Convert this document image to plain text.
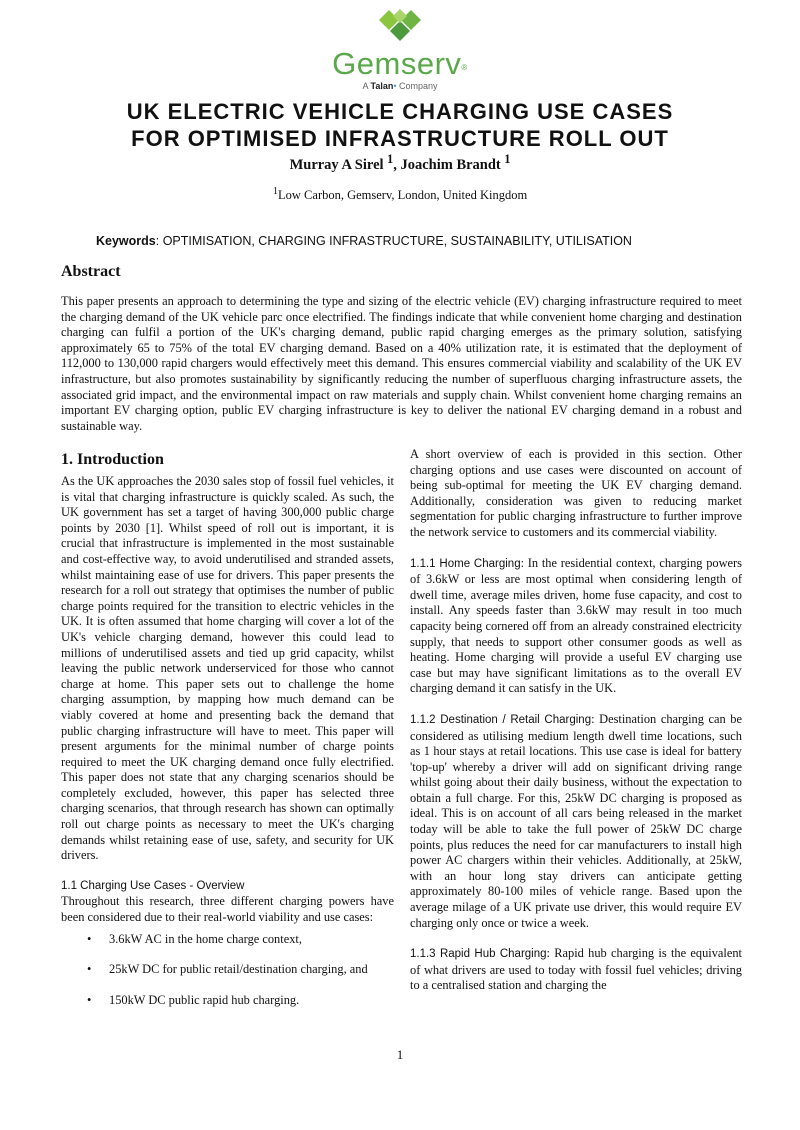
Gemserv®
A Talan• Company
UK ELECTRIC VEHICLE CHARGING USE CASES
FOR OPTIMISED INFRASTRUCTURE ROLL OUT
Murray A Sirel $^1$, Joachim Brandt $^1$
$^1$Low Carbon, Gemserv, London, United Kingdom
Keywords: OPTIMISATION, CHARGING INFRASTRUCTURE, SUSTAINABILITY, UTILISATION
Abstract

This paper presents an approach to determining the type and sizing of the electric vehicle (EV) charging infrastructure required to meet the charging demand of the UK vehicle parc once electrified. The findings indicate that while convenient home charging and destination charging can fulfil a portion of the UK's charging demand, public rapid charging emerges as the primary solution, satisfying approximately 65 to 75% of the total EV charging demand. Based on a 40% utilization rate, it is estimated that the deployment of 112,000 to 130,000 rapid chargers would effectively meet this demand. This ensures commercial viability and scalability of the UK EV infrastructure, but also promotes sustainability by significantly reducing the number of superfluous charging infrastructure assets, the associated grid impact, and the environmental impact on raw materials and supply chain. Whilst convenient home charging remains an important EV charging option, public EV charging infrastructure is key to deliver the national EV charging demand in a robust and sustainable way.

1. Introduction

As the UK approaches the 2030 sales stop of fossil fuel vehicles, it is vital that charging infrastructure is quickly scaled. As such, the UK government has set a target of having 300,000 public charge points by 2030 [1]. Whilst speed of roll out is important, it is crucial that infrastructure is implemented in the most sustainable and cost-effective way, to avoid underutilised and stranded assets, whilst maintaining ease of use for drivers. This paper presents the research for a roll out strategy that optimises the number of public charge points required for the transition to electric vehicles in the UK. It is often assumed that home charging will cover a lot of the UK's vehicle charging demand, however this could lead to millions of underutilised assets and tied up grid capacity, whilst leaving the public network underserviced for those who cannot charge at home. This paper sets out to challenge the home charging assumption, by mapping how much demand can be viably covered at home and presenting back the demand that public charging infrastructure will have to meet. This paper will present arguments for the minimal number of charge points required to meet the UK charging demand once fully electrified. This paper does not state that any charging scenarios should be completely excluded, however, this paper has selected three charging scenarios, that through research has shown can optimally roll out charge points as necessary to meet the UK's charging demands whilst retaining ease of use, safety, and security for UK drivers.

1.1 Charging Use Cases - Overview

Throughout this research, three different charging powers have been considered due to their real-world viability and use cases:

• 3.6kW AC in the home charge context,
• 25kW DC for public retail/destination charging, and
• 150kW DC public rapid hub charging.

A short overview of each is provided in this section. Other charging options and use cases were discounted on account of being sub-optimal for meeting the UK EV charging demand. Additionally, consideration was given to reducing market segmentation for public charging infrastructure to further improve the network service to customers and its commercial viability.

1.1.1 Home Charging: In the residential context, charging powers of 3.6kW or less are most optimal when considering length of dwell time, average miles driven, home fuse capacity, and cost to install. Any speeds faster than 3.6kW may result in too much capacity being cornered off from an already constrained electricity supply, that needs to support other consumer goods as well as heating. Home charging will provide a useful EV charging use case but may have significant limitations as to the overall EV charging demand it can satisfy in the UK.

1.1.2 Destination / Retail Charging: Destination charging can be considered as utilising medium length dwell time locations, such as 1 hour stays at retail locations. This use case is ideal for battery 'top-up' whereby a driver will add on significant driving range whilst going about their daily business, without the expectation to obtain a full charge. For this, 25kW DC charging is proposed as ideal. This is on account of all cars being released in the market today will be able to take the full power of 25kW DC charge points, plus reduces the need for car manufacturers to install high power AC chargers within their vehicles. Additionally, at 25kW, with an hour long stay drivers can anticipate getting approximately 80-100 miles of vehicle range. Based upon the average milage of a UK private use driver, this would require EV charging only once or twice a week.

1.1.3 Rapid Hub Charging: Rapid hub charging is the equivalent of what drivers are used to today with fossil fuel vehicles; driving to a centralised station and charging the

1
